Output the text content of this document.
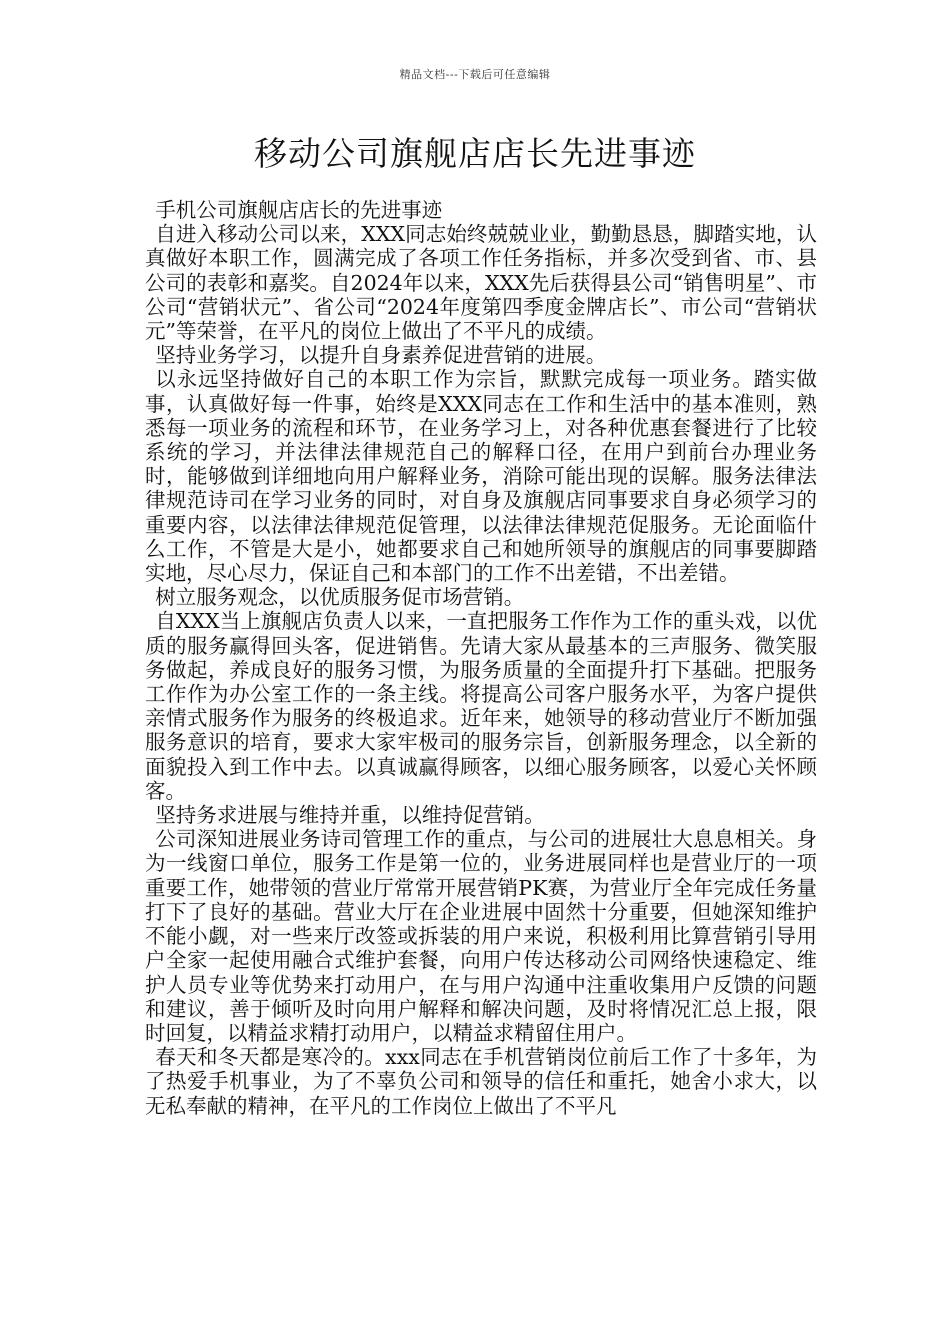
精品文档---下载后可任意编辑
移动公司旗舰店店长先进事迹

手机公司旗舰店店长的先进事迹

自进入移动公司以来，XXX同志始终兢兢业业，勤勤恳恳，脚踏实地，认真做好本职工作，圆满完成了各项工作任务指标，并多次受到省、市、县公司的表彰和嘉奖。自2024年以来，XXX先后获得县公司“销售明星”、市公司“营销状元”、省公司“2024年度第四季度金牌店长”、市公司“营销状元”等荣誉，在平凡的岗位上做出了不平凡的成绩。

坚持业务学习，以提升自身素养促进营销的进展。

以永远坚持做好自己的本职工作为宗旨，默默完成每一项业务。踏实做事，认真做好每一件事，始终是XXX同志在工作和生活中的基本准则，熟悉每一项业务的流程和环节，在业务学习上，对各种优惠套餐进行了比较系统的学习，并法律法律规范自己的解释口径，在用户到前台办理业务时，能够做到详细地向用户解释业务，消除可能出现的误解。服务法律法律规范诗司在学习业务的同时，对自身及旗舰店同事要求自身必须学习的重要内容，以法律法律规范促管理，以法律法律规范促服务。无论面临什么工作，不管是大是小，她都要求自己和她所领导的旗舰店的同事要脚踏实地，尽心尽力，保证自己和本部门的工作不出差错，不出差错。

树立服务观念，以优质服务促市场营销。

自XXX当上旗舰店负责人以来，一直把服务工作作为工作的重头戏，以优质的服务赢得回头客，促进销售。先请大家从最基本的三声服务、微笑服务做起，养成良好的服务习惯，为服务质量的全面提升打下基础。把服务工作作为办公室工作的一条主线。将提高公司客户服务水平，为客户提供亲情式服务作为服务的终极追求。近年来，她领导的移动营业厅不断加强服务意识的培育，要求大家牢极司的服务宗旨，创新服务理念，以全新的面貌投入到工作中去。以真诚赢得顾客，以细心服务顾客，以爱心关怀顾客。

坚持务求进展与维持并重，以维持促营销。

公司深知进展业务诗司管理工作的重点，与公司的进展壮大息息相关。身为一线窗口单位，服务工作是第一位的，业务进展同样也是营业厅的一项重要工作，她带领的营业厅常常开展营销PK赛，为营业厅全年完成任务量打下了良好的基础。营业大厅在企业进展中固然十分重要，但她深知维护不能小觑，对一些来厅改签或拆装的用户来说，积极利用比算营销引导用户全家一起使用融合式维护套餐，向用户传达移动公司网络快速稳定、维护人员专业等优势来打动用户，在与用户沟通中注重收集用户反馈的问题和建议，善于倾听及时向用户解释和解决问题，及时将情况汇总上报，限时回复，以精益求精打动用户，以精益求精留住用户。

春天和冬天都是寒冷的。xxx同志在手机营销岗位前后工作了十多年，为了热爱手机事业，为了不辜负公司和领导的信任和重托，她舍小求大，以无私奉献的精神，在平凡的工作岗位上做出了不平凡
